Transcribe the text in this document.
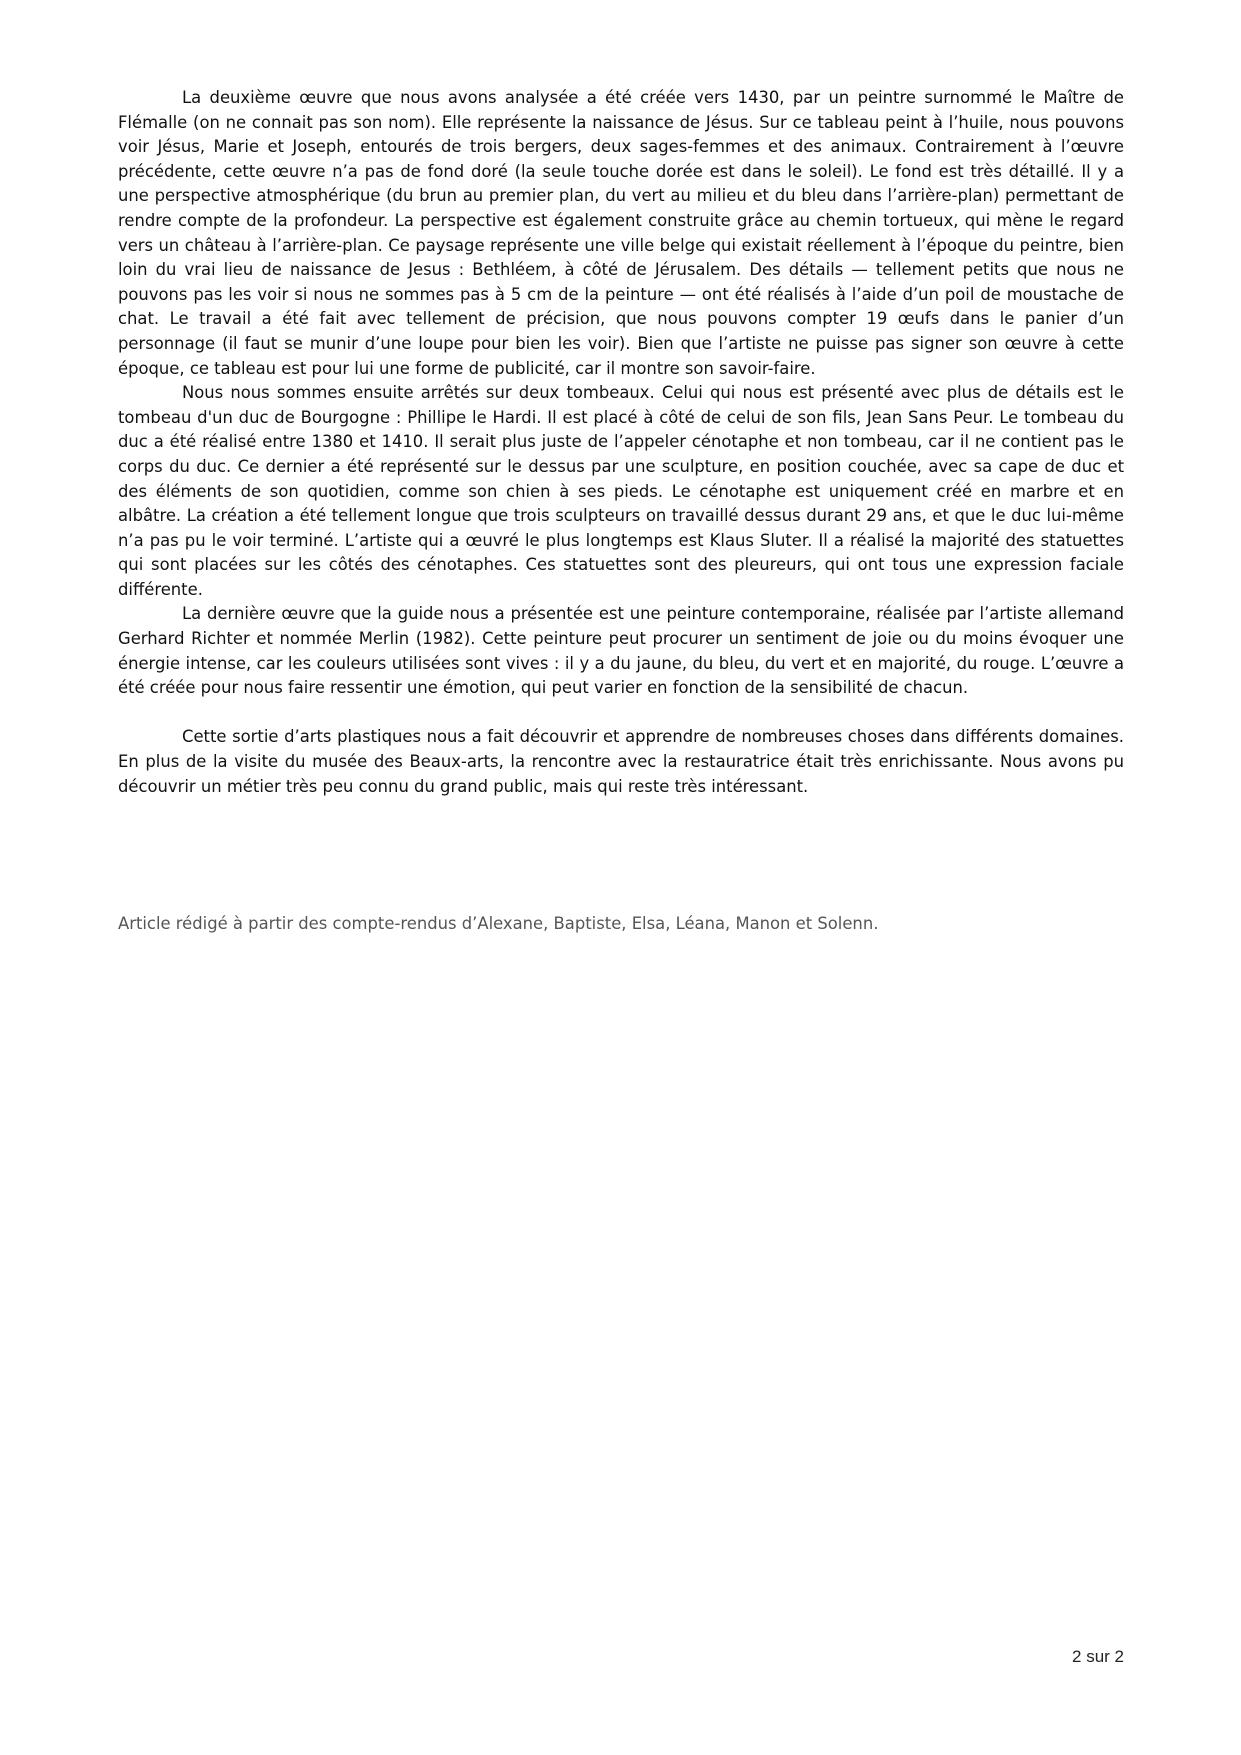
La deuxième œuvre que nous avons analysée a été créée vers 1430, par un peintre surnommé le Maître de Flémalle (on ne connait pas son nom). Elle représente la naissance de Jésus. Sur ce tableau peint à l’huile, nous pouvons voir Jésus, Marie et Joseph, entourés de trois bergers, deux sages-femmes et des animaux. Contrairement à l’œuvre précédente, cette œuvre n’a pas de fond doré (la seule touche dorée est dans le soleil). Le fond est très détaillé. Il y a une perspective atmosphérique (du brun au premier plan, du vert au milieu et du bleu dans l’arrière-plan) permettant de rendre compte de la profondeur. La perspective est également construite grâce au chemin tortueux, qui mène le regard vers un château à l’arrière-plan. Ce paysage représente une ville belge qui existait réellement à l’époque du peintre, bien loin du vrai lieu de naissance de Jesus : Bethléem, à côté de Jérusalem. Des détails — tellement petits que nous ne pouvons pas les voir si nous ne sommes pas à 5 cm de la peinture — ont été réalisés à l’aide d’un poil de moustache de chat. Le travail a été fait avec tellement de précision, que nous pouvons compter 19 œufs dans le panier d’un personnage (il faut se munir d’une loupe pour bien les voir). Bien que l’artiste ne puisse pas signer son œuvre à cette époque, ce tableau est pour lui une forme de publicité, car il montre son savoir-faire.

Nous nous sommes ensuite arrêtés sur deux tombeaux. Celui qui nous est présenté avec plus de détails est le tombeau d'un duc de Bourgogne : Phillipe le Hardi. Il est placé à côté de celui de son fils, Jean Sans Peur. Le tombeau du duc a été réalisé entre 1380 et 1410. Il serait plus juste de l’appeler cénotaphe et non tombeau, car il ne contient pas le corps du duc. Ce dernier a été représenté sur le dessus par une sculpture, en position couchée, avec sa cape de duc et des éléments de son quotidien, comme son chien à ses pieds. Le cénotaphe est uniquement créé en marbre et en albâtre. La création a été tellement longue que trois sculpteurs on travaillé dessus durant 29 ans, et que le duc lui-même n’a pas pu le voir terminé. L’artiste qui a œuvré le plus longtemps est Klaus Sluter. Il a réalisé la majorité des statuettes qui sont placées sur les côtés des cénotaphes. Ces statuettes sont des pleureurs, qui ont tous une expression faciale différente.

La dernière œuvre que la guide nous a présentée est une peinture contemporaine, réalisée par l’artiste allemand Gerhard Richter et nommée Merlin (1982). Cette peinture peut procurer un sentiment de joie ou du moins évoquer une énergie intense, car les couleurs utilisées sont vives : il y a du jaune, du bleu, du vert et en majorité, du rouge. L’œuvre a été créée pour nous faire ressentir une émotion, qui peut varier en fonction de la sensibilité de chacun.

Cette sortie d’arts plastiques nous a fait découvrir et apprendre de nombreuses choses dans différents domaines. En plus de la visite du musée des Beaux-arts, la rencontre avec la restauratrice était très enrichissante. Nous avons pu découvrir un métier très peu connu du grand public, mais qui reste très intéressant.

Article rédigé à partir des compte-rendus d’Alexane, Baptiste, Elsa, Léana, Manon et Solenn.

2 sur 2
